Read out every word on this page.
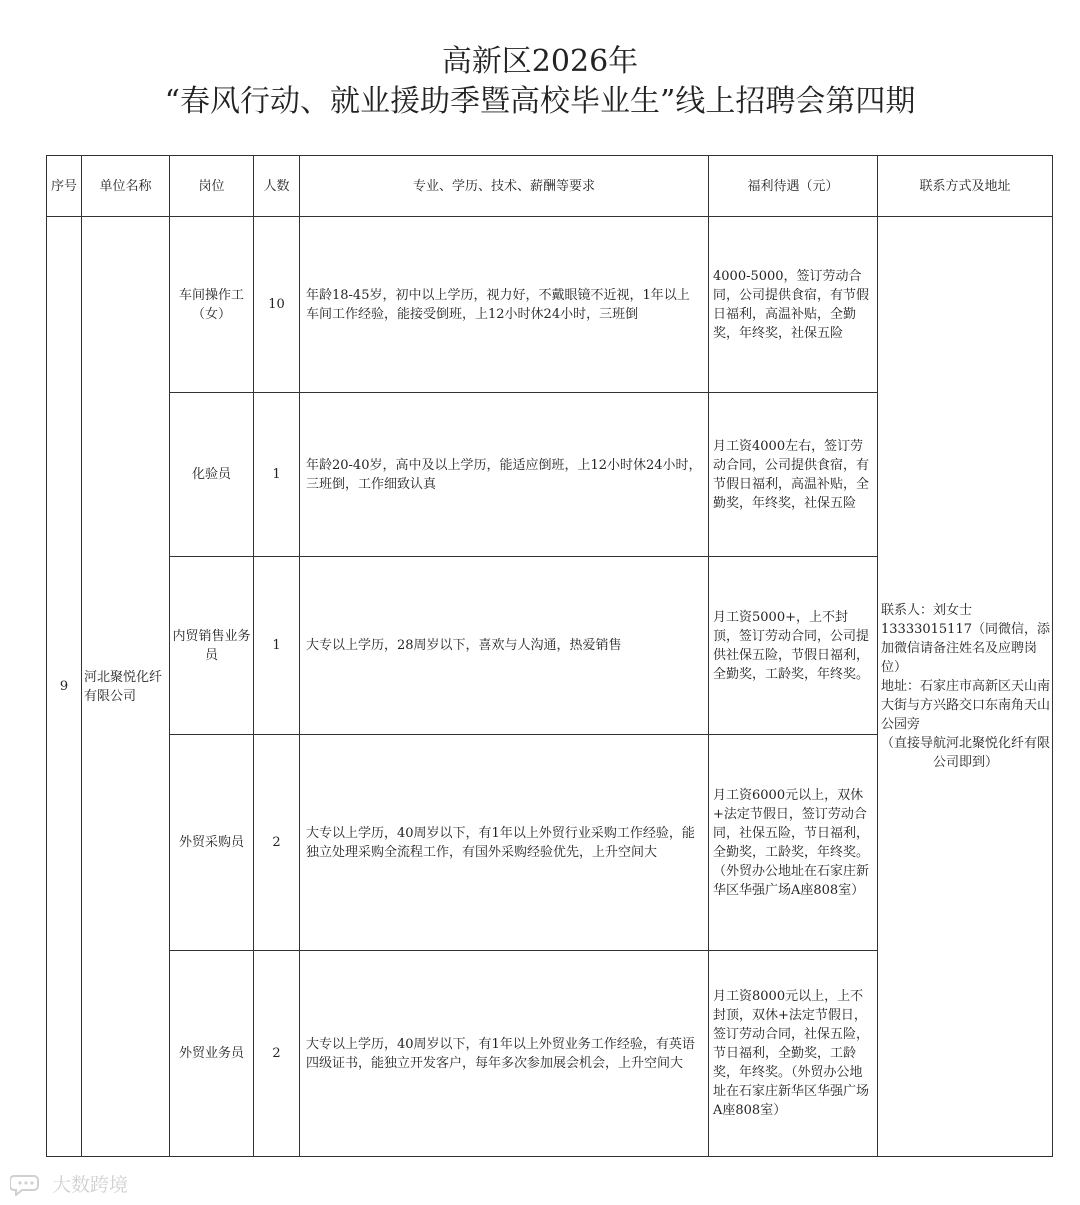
高新区2026年
“春风行动、就业援助季暨高校毕业生”线上招聘会第四期
序号	单位名称	岗位	人数	专业、学历、技术、薪酬等要求	福利待遇（元）	联系方式及地址
9	河北聚悦化纤有限公司	车间操作工（女）	10	年龄18-45岁，初中以上学历，视力好，不戴眼镜不近视，1年以上车间工作经验，能接受倒班，上12小时休24小时，三班倒	4000-5000，签订劳动合同，公司提供食宿，有节假日福利，高温补贴，全勤奖，年终奖，社保五险	联系人：刘女士
13333015117（同微信，添加微信请备注姓名及应聘岗位）
地址：石家庄市高新区天山南大街与方兴路交口东南角天山公园旁
（直接导航河北聚悦化纤有限公司即到）

		化验员	1	年龄20-40岁，高中及以上学历，能适应倒班，上12小时休24小时，三班倒，工作细致认真	月工资4000左右，签订劳动合同，公司提供食宿，有节假日福利，高温补贴，全勤奖，年终奖，社保五险	
		内贸销售业务员	1	大专以上学历，28周岁以下，喜欢与人沟通，热爱销售	月工资5000+，上不封顶，签订劳动合同，公司提供社保五险，节假日福利，全勤奖，工龄奖，年终奖。	
		外贸采购员	2	大专以上学历，40周岁以下，有1年以上外贸行业采购工作经验，能独立处理采购全流程工作，有国外采购经验优先，上升空间大	月工资6000元以上，双休+法定节假日，签订劳动合同，社保五险，节日福利，全勤奖，工龄奖，年终奖。（外贸办公地址在石家庄新华区华强广场A座808室）	
		外贸业务员	2	大专以上学历，40周岁以下，有1年以上外贸业务工作经验，有英语四级证书，能独立开发客户，每年多次参加展会机会，上升空间大	月工资8000元以上，上不封顶，双休+法定节假日，签订劳动合同，社保五险，节日福利，全勤奖，工龄奖，年终奖。（外贸办公地址在石家庄新华区华强广场A座808室）	
大数跨境
